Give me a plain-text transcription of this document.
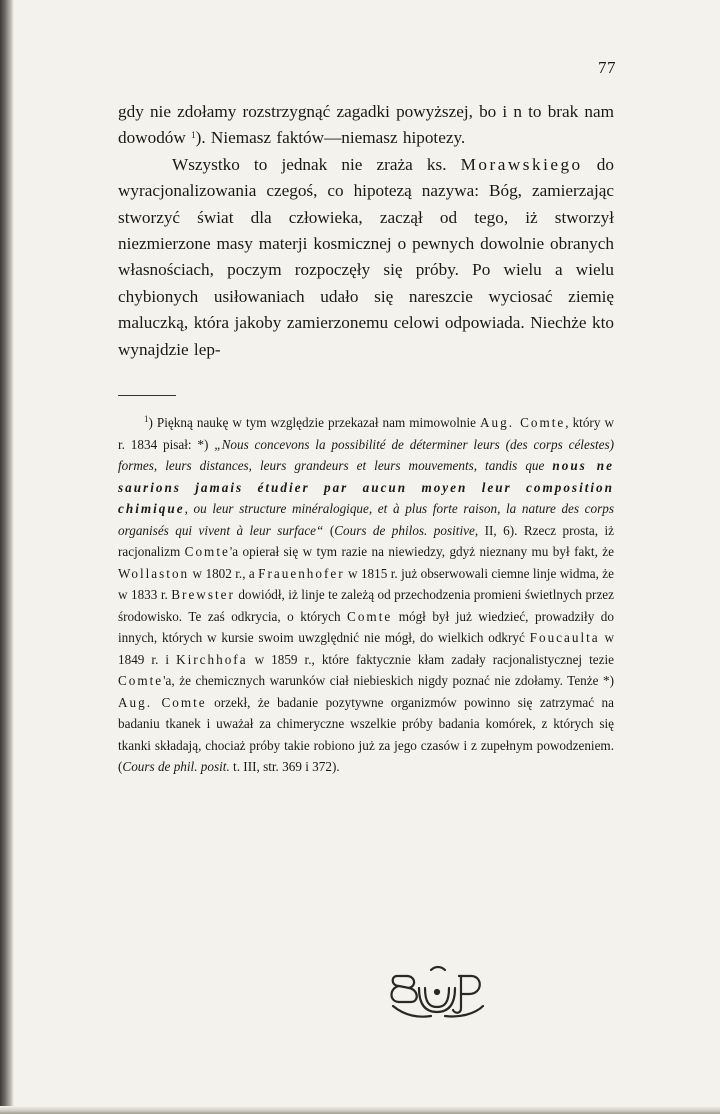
77

gdy nie zdołamy rozstrzygnąć zagadki powyższej, bo i n to brak nam dowodów $^1$). Niemasz faktów—niemasz hipotezy.

Wszystko to jednak nie zraża ks. Morawskiego do wyracjonalizowania czegoś, co hipotezą nazywa: Bóg, zamierzając stworzyć świat dla człowieka, zaczął od tego, iż stworzył niezmierzone masy materji kosmicznej o pewnych dowolnie obranych własnościach, poczym rozpoczęły się próby. Po wielu a wielu chybionych usiłowaniach udało się nareszcie wyciosać ziemię maluczką, która jakoby zamierzonemu celowi odpowiada. Niechże kto wynajdzie lep-

$^1$) Piękną naukę w tym względzie przekazał nam mimowolnie Aug. Comte, który w r. 1834 pisał: *) „Nous concevons la possibilité de déterminer leurs (des corps célestes) formes, leurs distances, leurs grandeurs et leurs mouvements, tandis que nous ne saurions jamais étudier par aucun moyen leur composition chimique, ou leur structure minéralogique, et à plus forte raison, la nature des corps organisés qui vivent à leur surface“ (Cours de philos. positive, II, 6). Rzecz prosta, iż racjonalizm Comte'a opierał się w tym razie na niewiedzy, gdyż nieznany mu był fakt, że Wollaston w 1802 r., a Frauenhofer w 1815 r. już obserwowali ciemne linje widma, że w 1833 r. Brewster dowiódł, iż linje te zależą od przechodzenia promieni świetlnych przez środowisko. Te zaś odkrycia, o których Comte mógł był już wiedzieć, prowadziły do innych, których w kursie swoim uwzględnić nie mógł, do wielkich odkryć Foucaulta w 1849 r. i Kirchhofa w 1859 r., które faktycznie kłam zadały racjonalistycznej tezie Comte'a, że chemicznych warunków ciał niebieskich nigdy poznać nie zdołamy. Tenże *) Aug. Comte orzekł, że badanie pozytywne organizmów powinno się zatrzymać na badaniu tkanek i uważał za chimeryczne wszelkie próby badania komórek, z których się tkanki składają, chociaż próby takie robiono już za jego czasów i z zupełnym powodzeniem. (Cours de phil. posit. t. III, str. 369 i 372).
